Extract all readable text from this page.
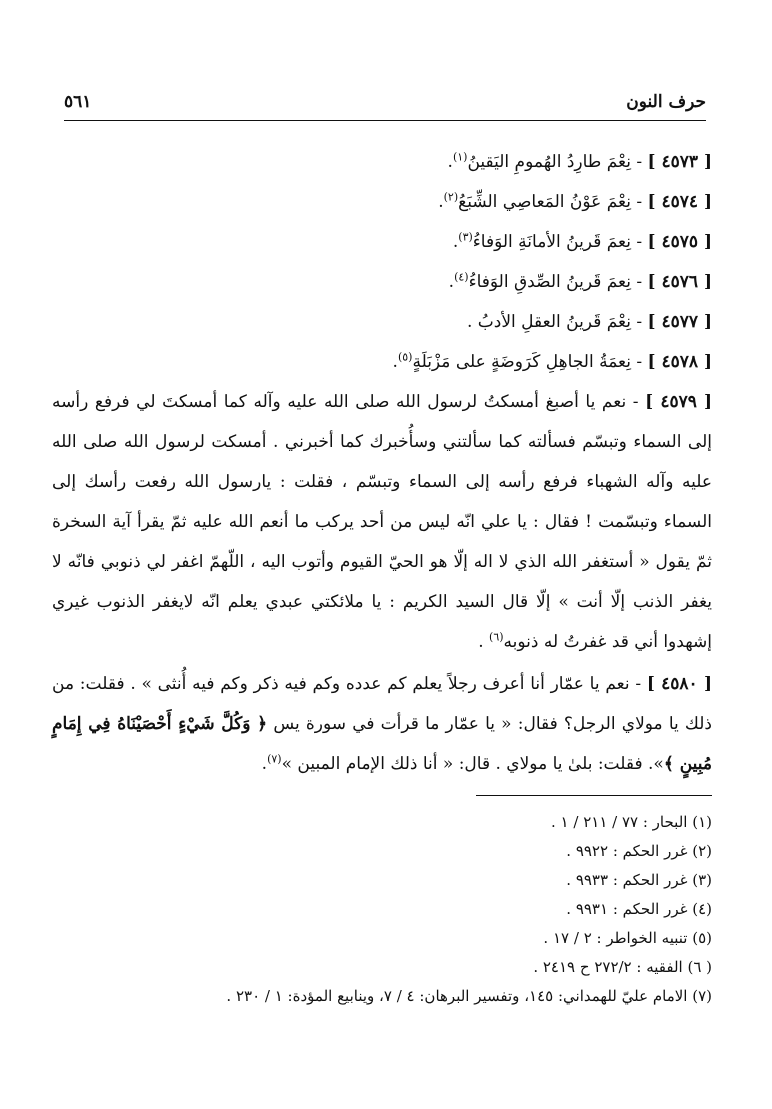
حرف النون
٥٦١
[ ٤٥٧٣ ] - نِعْمَ طارِدُ الهُمومِ اليَقينُ$^{(١)}$.
[ ٤٥٧٤ ] - نِعْمَ عَوْنُ المَعاصِي الشِّبَعُ$^{(٢)}$.
[ ٤٥٧٥ ] - نِعمَ قَرينُ الأمانَةِ الوَفاءُ$^{(٣)}$.
[ ٤٥٧٦ ] - نِعمَ قَرينُ الصِّدقِ الوَفاءُ$^{(٤)}$.
[ ٤٥٧٧ ] - نِعْمَ قَرينُ العقلِ الأدبُ .
[ ٤٥٧٨ ] - نِعمَةُ الجاهِلِ كَرَوضَةٍ على مَزْبَلَةٍ$^{(٥)}$.
[ ٤٥٧٩ ] - نعم يا أصبغ أمسكتُ لرسول الله صلى الله عليه وآله كما أمسكتَ لي فرفع رأسه إلى السماء وتبسّم فسألته كما سألتني وسأُخبرك كما أخبرني . أمسكت لرسول الله صلى الله عليه وآله الشهباء فرفع رأسه إلى السماء وتبسّم ، فقلت : يارسول الله رفعت رأسك إلى السماء وتبسّمت ! فقال : يا علي انّه ليس من أحد يركب ما أنعم الله عليه ثمّ يقرأ آية السخرة ثمّ يقول « أستغفر الله الذي لا اله إلّا هو الحيّ القيوم وأتوب اليه ، اللّهمّ اغفر لي ذنوبي فانّه لا يغفر الذنب إلّا أنت » إلّا قال السيد الكريم : يا ملائكتي عبدي يعلم انّه لايغفر الذنوب غيري إشهدوا أني قد غفرتُ له ذنوبه$^{(٦)}$ .
[ ٤٥٨٠ ] - نعم يا عمّار أنا أعرف رجلاً يعلم كم عدده وكم فيه ذكر وكم فيه أُنثى » . فقلت: من ذلك يا مولاي الرجل؟ فقال: « يا عمّار ما قرأت في سورة يس ﴿ وَكُلَّ شَيْءٍ أَحْصَيْنَاهُ فِي إِمَامٍ مُبِينٍ ﴾». فقلت: بلىٰ يا مولاي . قال: « أنا ذلك الإمام المبين »$^{(٧)}$.
(١) البحار : ٧٧ / ٢١١ / ١ .
(٢) غرر الحكم : ٩٩٢٢ .
(٣) غرر الحكم : ٩٩٣٣ .
(٤) غرر الحكم : ٩٩٣١ .
(٥) تنبيه الخواطر : ٢ / ١٧ .
( ٦) الفقيه : ٢٧٢/٢ ح ٢٤١٩ .
(٧) الامام عليّ للهمداني: ١٤٥، وتفسير البرهان: ٤ / ٧، وينابيع المؤدة: ١ / ٢٣٠ .
